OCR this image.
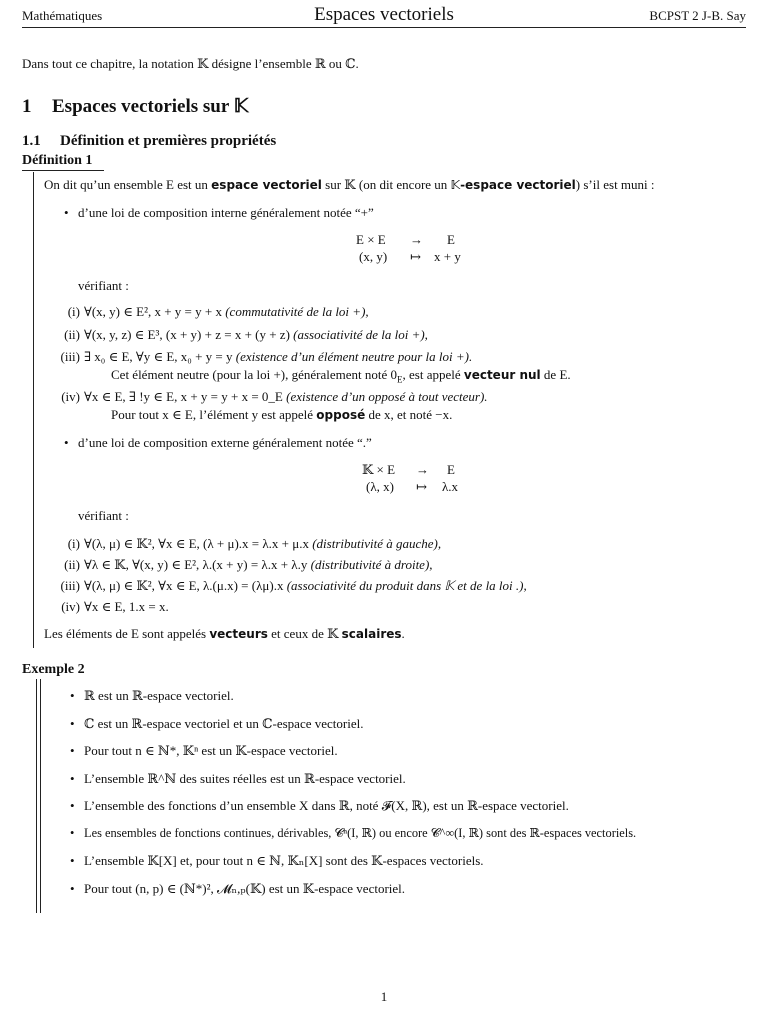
Mathématiques	Espaces vectoriels	BCPST 2 J-B. Say
Dans tout ce chapitre, la notation 𝕂 désigne l’ensemble ℝ ou ℂ.
1 Espaces vectoriels sur 𝕂
1.1 Définition et premières propriétés
Définition 1
On dit qu’un ensemble E est un espace vectoriel sur 𝕂 (on dit encore un 𝕂-espace vectoriel) s’il est muni :
• d’une loi de composition interne généralement notée “+”
E × E → E
(x, y) ↦ x + y
vérifiant :
(i) ∀(x, y) ∈ E², x + y = y + x (commutativité de la loi +),
(ii) ∀(x, y, z) ∈ E³, (x + y) + z = x + (y + z) (associativité de la loi +),
(iii) ∃ x₀ ∈ E, ∀y ∈ E, x₀ + y = y (existence d’un élément neutre pour la loi +).
Cet élément neutre (pour la loi +), généralement noté $0_E$, est appelé vecteur nul de E.
(iv) ∀x ∈ E, ∃ !y ∈ E, x + y = y + x = 0_E (existence d’un opposé à tout vecteur).
Pour tout x ∈ E, l’élément y est appelé opposé de x, et noté −x.
• d’une loi de composition externe généralement notée “.”
𝕂 × E → E
(λ, x) ↦ λ.x
vérifiant :
(i) ∀(λ, μ) ∈ 𝕂², ∀x ∈ E, (λ + μ).x = λ.x + μ.x (distributivité à gauche),
(ii) ∀λ ∈ 𝕂, ∀(x, y) ∈ E², λ.(x + y) = λ.x + λ.y (distributivité à droite),
(iii) ∀(λ, μ) ∈ 𝕂², ∀x ∈ E, λ.(μ.x) = (λμ).x (associativité du produit dans 𝕂 et de la loi .),
(iv) ∀x ∈ E, 1.x = x.
Les éléments de E sont appelés vecteurs et ceux de 𝕂 scalaires.
Exemple 2
• ℝ est un ℝ-espace vectoriel.
• ℂ est un ℝ-espace vectoriel et un ℂ-espace vectoriel.
• Pour tout n ∈ ℕ*, 𝕂ⁿ est un 𝕂-espace vectoriel.
• L’ensemble ℝ^ℕ des suites réelles est un ℝ-espace vectoriel.
• L’ensemble des fonctions d’un ensemble X dans ℝ, noté 𝓕(X, ℝ), est un ℝ-espace vectoriel.
• Les ensembles de fonctions continues, dérivables, 𝓒ⁿ(I, ℝ) ou encore 𝓒^∞(I, ℝ) sont des ℝ-espaces vectoriels.
• L’ensemble 𝕂[X] et, pour tout n ∈ ℕ, 𝕂ₙ[X] sont des 𝕂-espaces vectoriels.
• Pour tout (n, p) ∈ (ℕ*)², 𝓜ₙ,ₚ(𝕂) est un 𝕂-espace vectoriel.
1
